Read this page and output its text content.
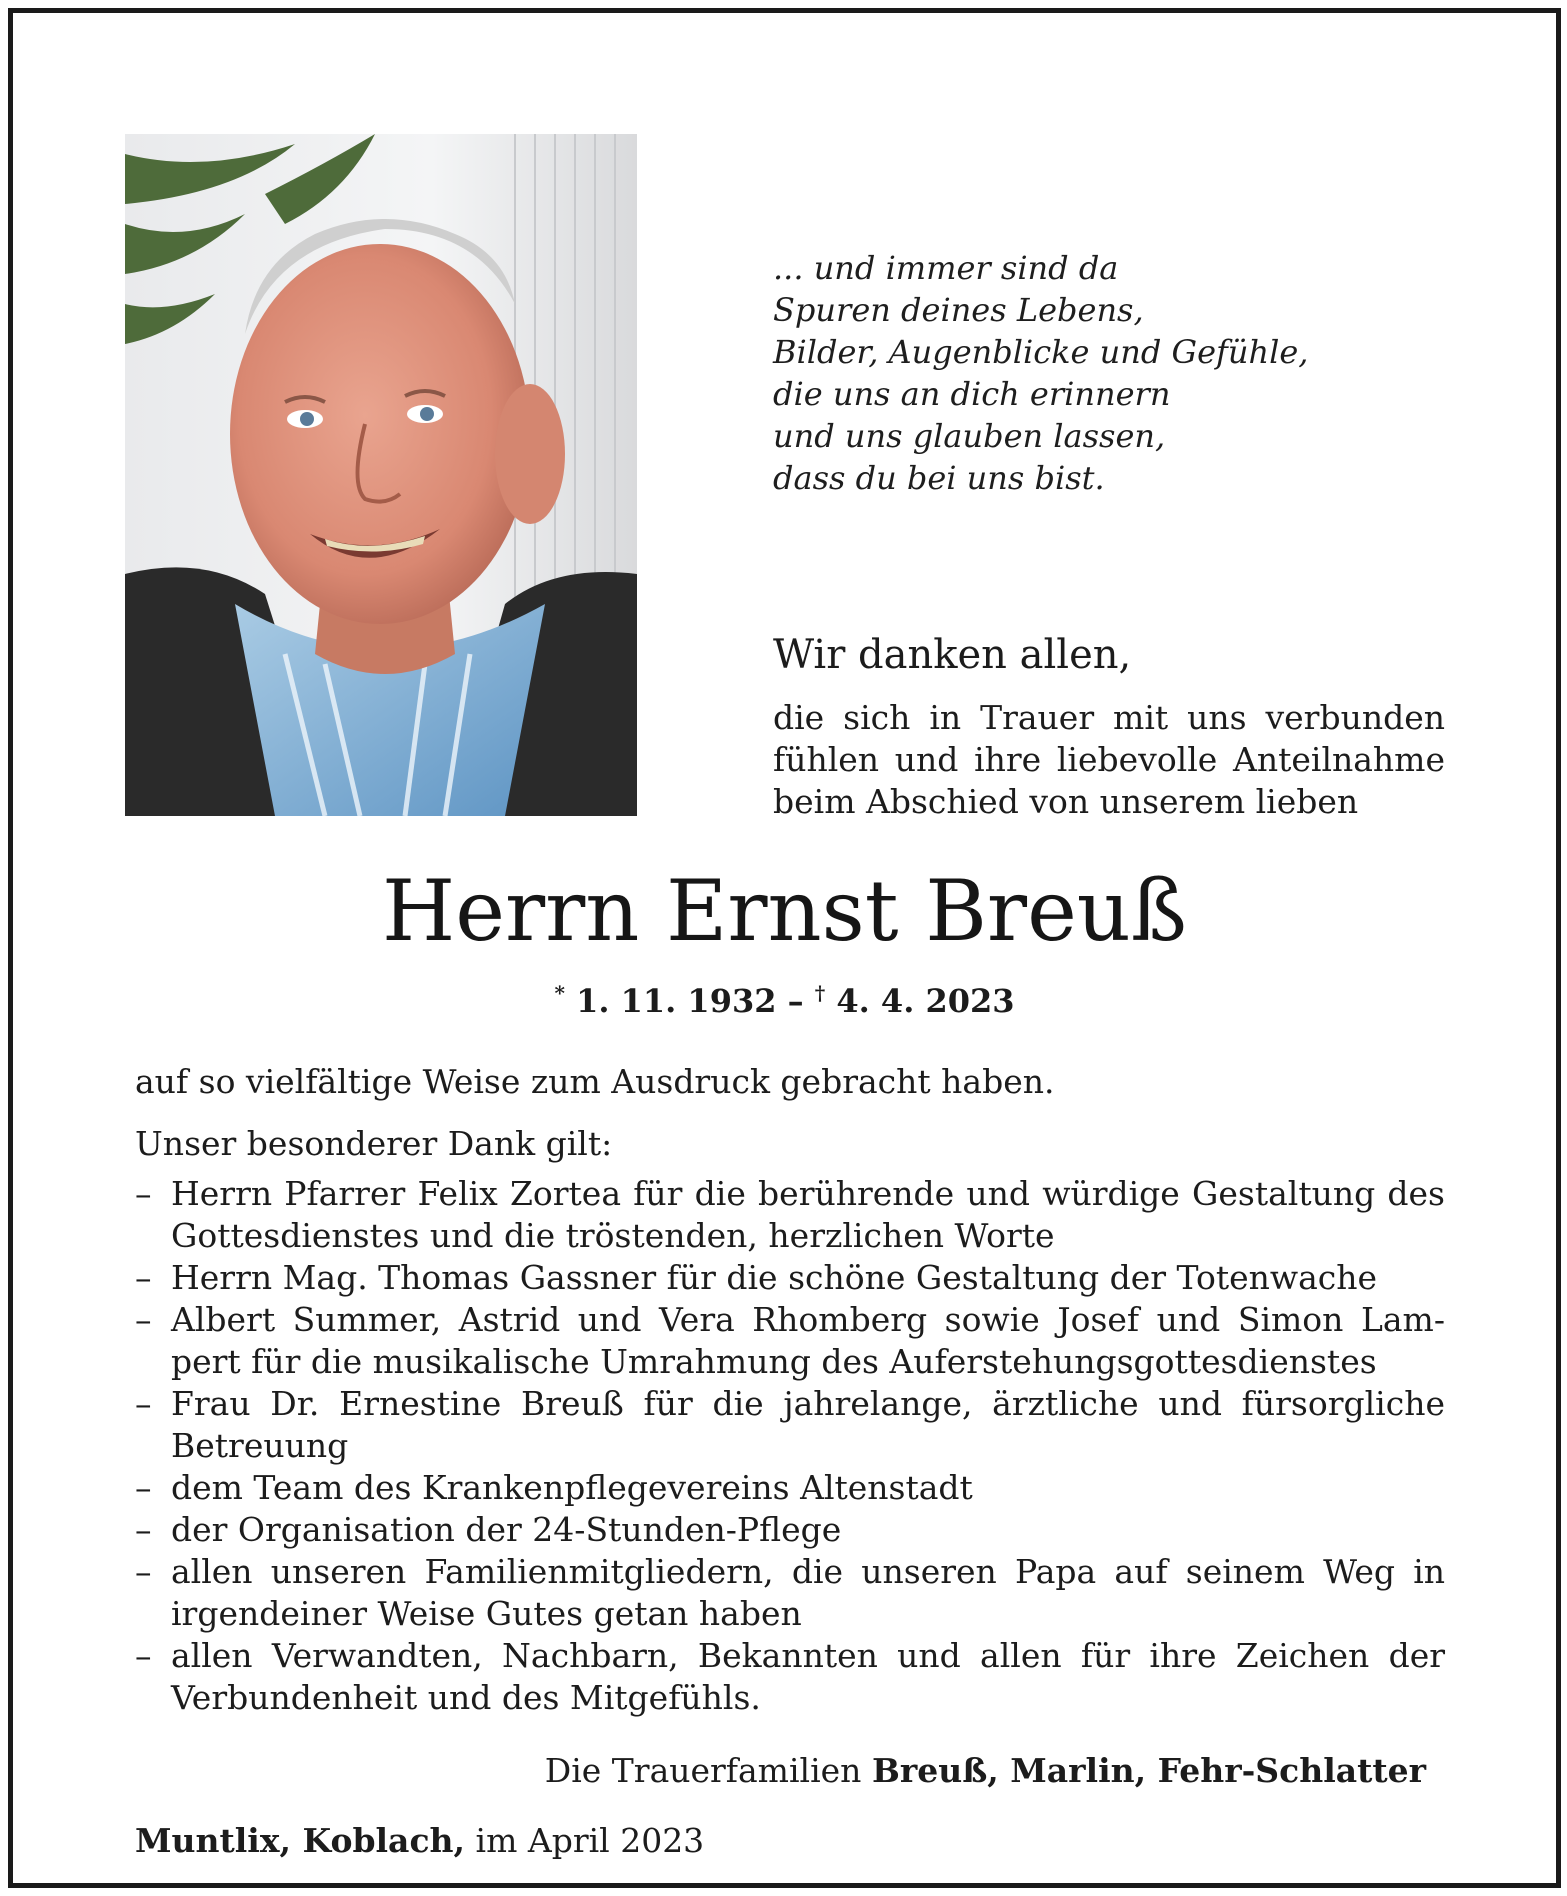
... und immer sind da
Spuren deines Lebens,
Bilder, Augenblicke und Gefühle,
die uns an dich erinnern
und uns glauben lassen,
dass du bei uns bist.
Wir danken allen,
die sich in Trauer mit uns verbunden
fühlen und ihre liebevolle Anteilnahme
beim Abschied von unserem lieben
Herrn Ernst Breuß
* 1. 11. 1932 – † 4. 4. 2023
auf so vielfältige Weise zum Ausdruck gebracht haben.
Unser besonderer Dank gilt:
– Herrn Pfarrer Felix Zortea für die berührende und würdige Gestaltung des
Gottesdienstes und die tröstenden, herzlichen Worte
– Herrn Mag. Thomas Gassner für die schöne Gestaltung der Totenwache
– Albert Summer, Astrid und Vera Rhomberg sowie Josef und Simon Lam-
pert für die musikalische Umrahmung des Auferstehungsgottesdienstes
– Frau Dr. Ernestine Breuß für die jahrelange, ärztliche und fürsorgliche
Betreuung
– dem Team des Krankenpflegevereins Altenstadt
– der Organisation der 24-Stunden-Pflege
– allen unseren Familienmitgliedern, die unseren Papa auf seinem Weg in
irgendeiner Weise Gutes getan haben
– allen Verwandten, Nachbarn, Bekannten und allen für ihre Zeichen der
Verbundenheit und des Mitgefühls.
Die Trauerfamilien Breuß, Marlin, Fehr-Schlatter
Muntlix, Koblach, im April 2023
